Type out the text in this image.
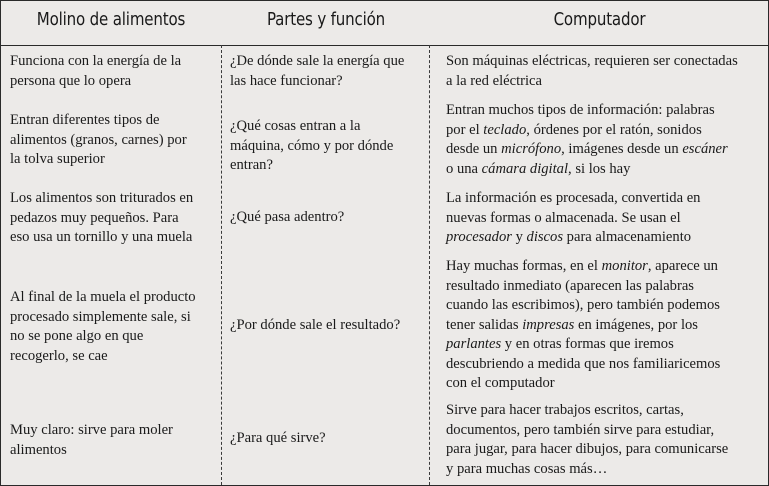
Molino de alimentos	Partes y función	Computador
Funciona con la energía de la
persona que lo opera
¿De dónde sale la energía que
las hace funcionar?
Son máquinas eléctricas, requieren ser conectadas
a la red eléctrica
Entran diferentes tipos de
alimentos (granos, carnes) por
la tolva superior
¿Qué cosas entran a la
máquina, cómo y por dónde
entran?
Entran muchos tipos de información: palabras
por el teclado, órdenes por el ratón, sonidos
desde un micrófono, imágenes desde un escáner
o una cámara digital, si los hay
Los alimentos son triturados en
pedazos muy pequeños. Para
eso usa un tornillo y una muela
¿Qué pasa adentro?
La información es procesada, convertida en
nuevas formas o almacenada. Se usan el
procesador y discos para almacenamiento
Al final de la muela el producto
procesado simplemente sale, si
no se pone algo en que
recogerlo, se cae
¿Por dónde sale el resultado?
Hay muchas formas, en el monitor, aparece un
resultado inmediato (aparecen las palabras
cuando las escribimos), pero también podemos
tener salidas impresas en imágenes, por los
parlantes y en otras formas que iremos
descubriendo a medida que nos familiaricemos
con el computador
Muy claro: sirve para moler
alimentos
¿Para qué sirve?
Sirve para hacer trabajos escritos, cartas,
documentos, pero también sirve para estudiar,
para jugar, para hacer dibujos, para comunicarse
y para muchas cosas más…
